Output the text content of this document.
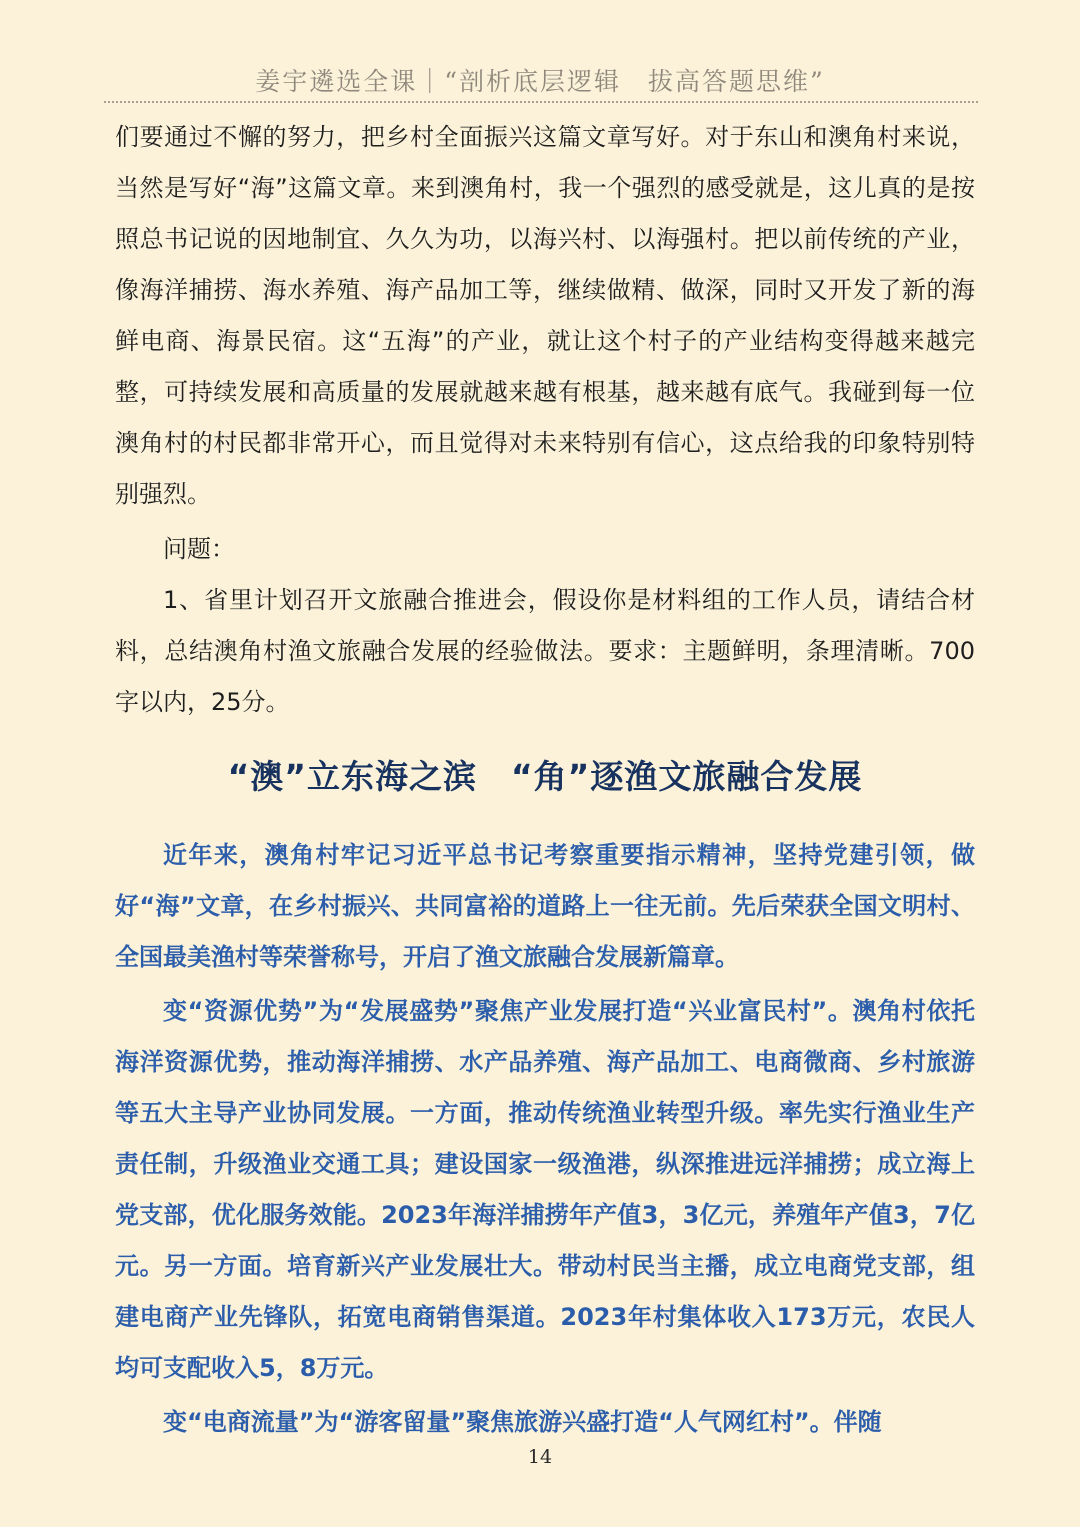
姜宇遴选全课｜“剖析底层逻辑　拔高答题思维”

们要通过不懈的努力，把乡村全面振兴这篇文章写好。对于东山和澳角村来说，当然是写好“海”这篇文章。来到澳角村，我一个强烈的感受就是，这儿真的是按照总书记说的因地制宜、久久为功，以海兴村、以海强村。把以前传统的产业，像海洋捕捞、海水养殖、海产品加工等，继续做精、做深，同时又开发了新的海鲜电商、海景民宿。这“五海”的产业，就让这个村子的产业结构变得越来越完整，可持续发展和高质量的发展就越来越有根基，越来越有底气。我碰到每一位澳角村的村民都非常开心，而且觉得对未来特别有信心，这点给我的印象特别特别强烈。

问题：

1、省里计划召开文旅融合推进会，假设你是材料组的工作人员，请结合材料，总结澳角村渔文旅融合发展的经验做法。要求：主题鲜明，条理清晰。700字以内，25分。

“澳”立东海之滨　“角”逐渔文旅融合发展

近年来，澳角村牢记习近平总书记考察重要指示精神，坚持党建引领，做好“海”文章，在乡村振兴、共同富裕的道路上一往无前。先后荣获全国文明村、全国最美渔村等荣誉称号，开启了渔文旅融合发展新篇章。

变“资源优势”为“发展盛势”聚焦产业发展打造“兴业富民村”。澳角村依托海洋资源优势，推动海洋捕捞、水产品养殖、海产品加工、电商微商、乡村旅游等五大主导产业协同发展。一方面，推动传统渔业转型升级。率先实行渔业生产责任制，升级渔业交通工具；建设国家一级渔港，纵深推进远洋捕捞；成立海上党支部，优化服务效能。2023年海洋捕捞年产值3，3亿元，养殖年产值3，7亿元。另一方面。培育新兴产业发展壮大。带动村民当主播，成立电商党支部，组建电商产业先锋队，拓宽电商销售渠道。2023年村集体收入173万元，农民人均可支配收入5，8万元。

变“电商流量”为“游客留量”聚焦旅游兴盛打造“人气网红村”。伴随

14
